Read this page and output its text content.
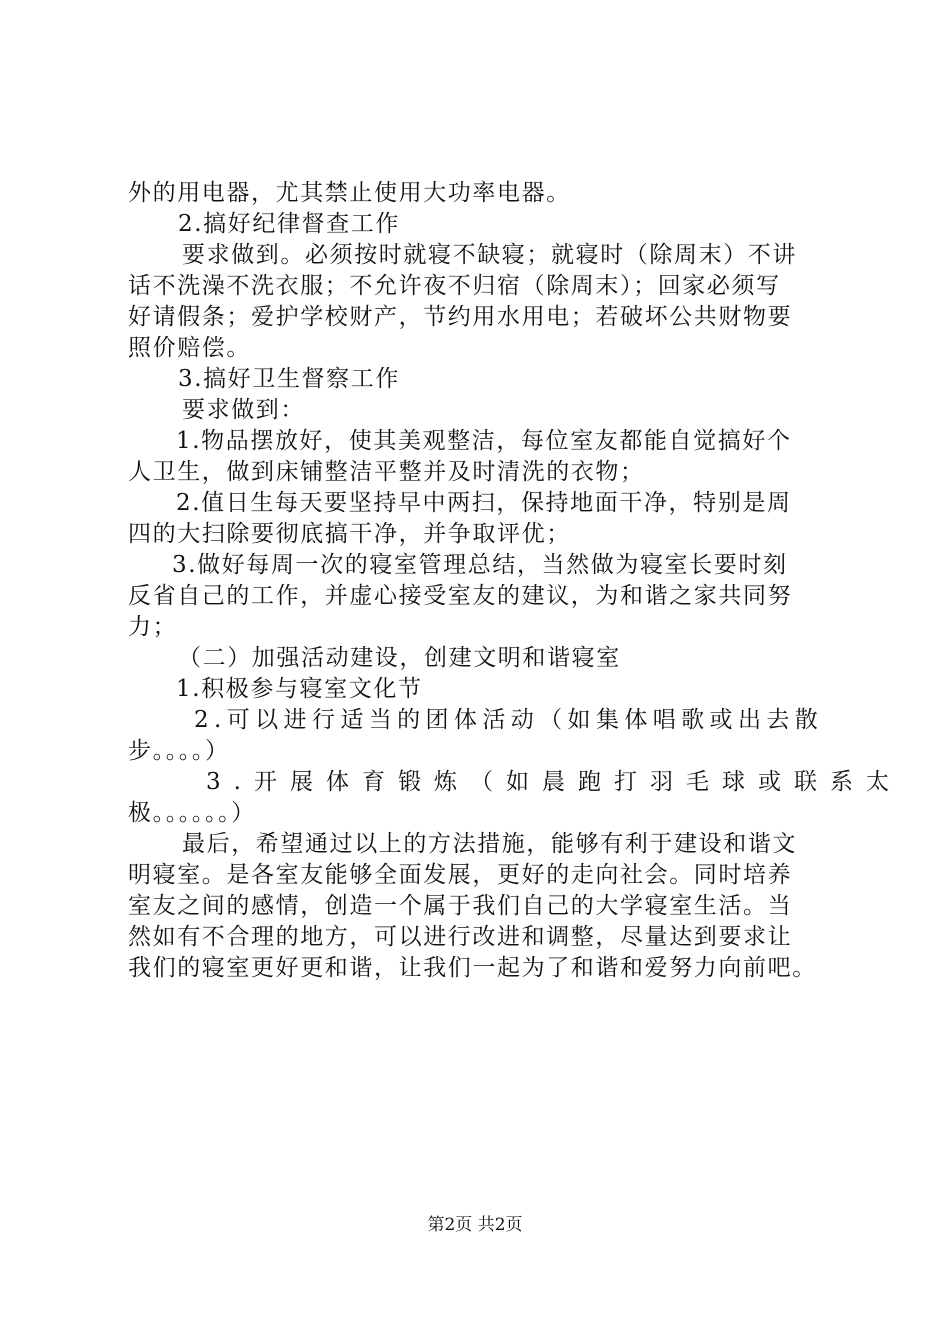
外的用电器，尤其禁止使用大功率电器。
2.搞好纪律督查工作
要求做到。必须按时就寝不缺寝；就寝时（除周末）不讲
话不洗澡不洗衣服；不允许夜不归宿（除周末）；回家必须写
好请假条；爱护学校财产，节约用水用电；若破坏公共财物要
照价赔偿。
3.搞好卫生督察工作
要求做到：
1.物品摆放好，使其美观整洁，每位室友都能自觉搞好个
人卫生，做到床铺整洁平整并及时清洗的衣物；
2.值日生每天要坚持早中两扫，保持地面干净，特别是周
四的大扫除要彻底搞干净，并争取评优；
3.做好每周一次的寝室管理总结，当然做为寝室长要时刻
反省自己的工作，并虚心接受室友的建议，为和谐之家共同努
力；
（二）加强活动建设，创建文明和谐寝室
1.积极参与寝室文化节
2.可以进行适当的团体活动（如集体唱歌或出去散
步。。。。）
3.开展体育锻炼（如晨跑打羽毛球或联系太
极。。。。。。）
最后，希望通过以上的方法措施，能够有利于建设和谐文
明寝室。是各室友能够全面发展，更好的走向社会。同时培养
室友之间的感情，创造一个属于我们自己的大学寝室生活。当
然如有不合理的地方，可以进行改进和调整，尽量达到要求让
我们的寝室更好更和谐，让我们一起为了和谐和爱努力向前吧。
第2页 共2页
